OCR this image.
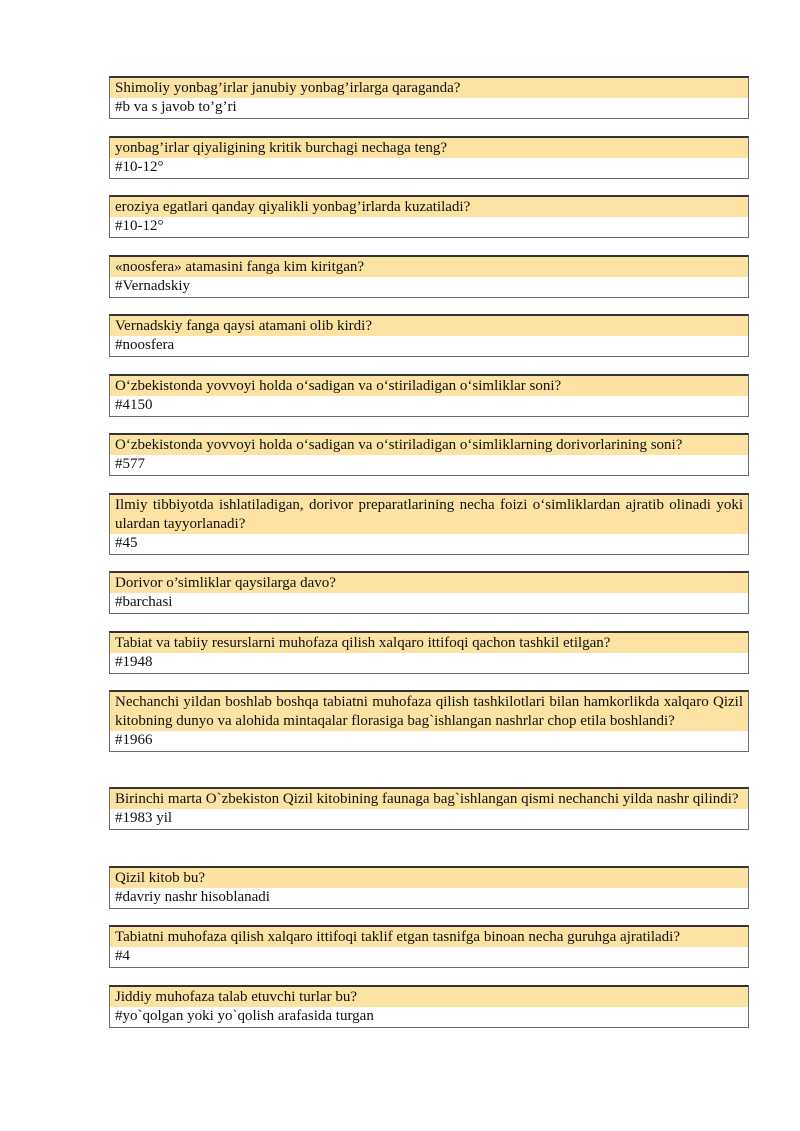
Shimoliy yonbag’irlar janubiy yonbag’irlarga qaraganda?
#b va s javob to’g’ri
yonbag’irlar qiyaligining kritik burchagi nechaga teng?
#10-12°
eroziya egatlari qanday qiyalikli yonbag’irlarda kuzatiladi?
#10-12°
«noosfera» atamasini fanga kim kiritgan?
#Vernadskiy
Vernadskiy fanga qaysi atamani olib kirdi?
#noosfera
O‘zbekistonda yovvoyi holda o‘sadigan va o‘stiriladigan o‘simliklar soni?
#4150
O‘zbekistonda yovvoyi holda o‘sadigan va o‘stiriladigan o‘simliklarning dorivorlarining soni?
#577
Ilmiy tibbiyotda ishlatiladigan, dorivor preparatlarining necha foizi o‘simliklardan ajratib olinadi yoki ulardan tayyorlanadi?
#45
Dorivor o’simliklar qaysilarga davo?
#barchasi
Tabiat va tabiiy resurslarni muhofaza qilish xalqaro ittifoqi qachon tashkil etilgan?
#1948
Nechanchi yildan boshlab boshqa tabiatni muhofaza qilish tashkilotlari bilan hamkorlikda xalqaro Qizil kitobning dunyo va alohida mintaqalar florasiga bag`ishlangan nashrlar chop etila boshlandi?
#1966
Birinchi marta O`zbekiston Qizil kitobining faunaga bag`ishlangan qismi nechanchi yilda nashr qilindi?
#1983 yil
Qizil kitob bu?
#davriy nashr hisoblanadi
Tabiatni muhofaza qilish xalqaro ittifoqi taklif etgan tasnifga binoan necha guruhga ajratiladi?
#4
Jiddiy muhofaza talab etuvchi turlar bu?
#yo`qolgan yoki yo`qolish arafasida turgan
